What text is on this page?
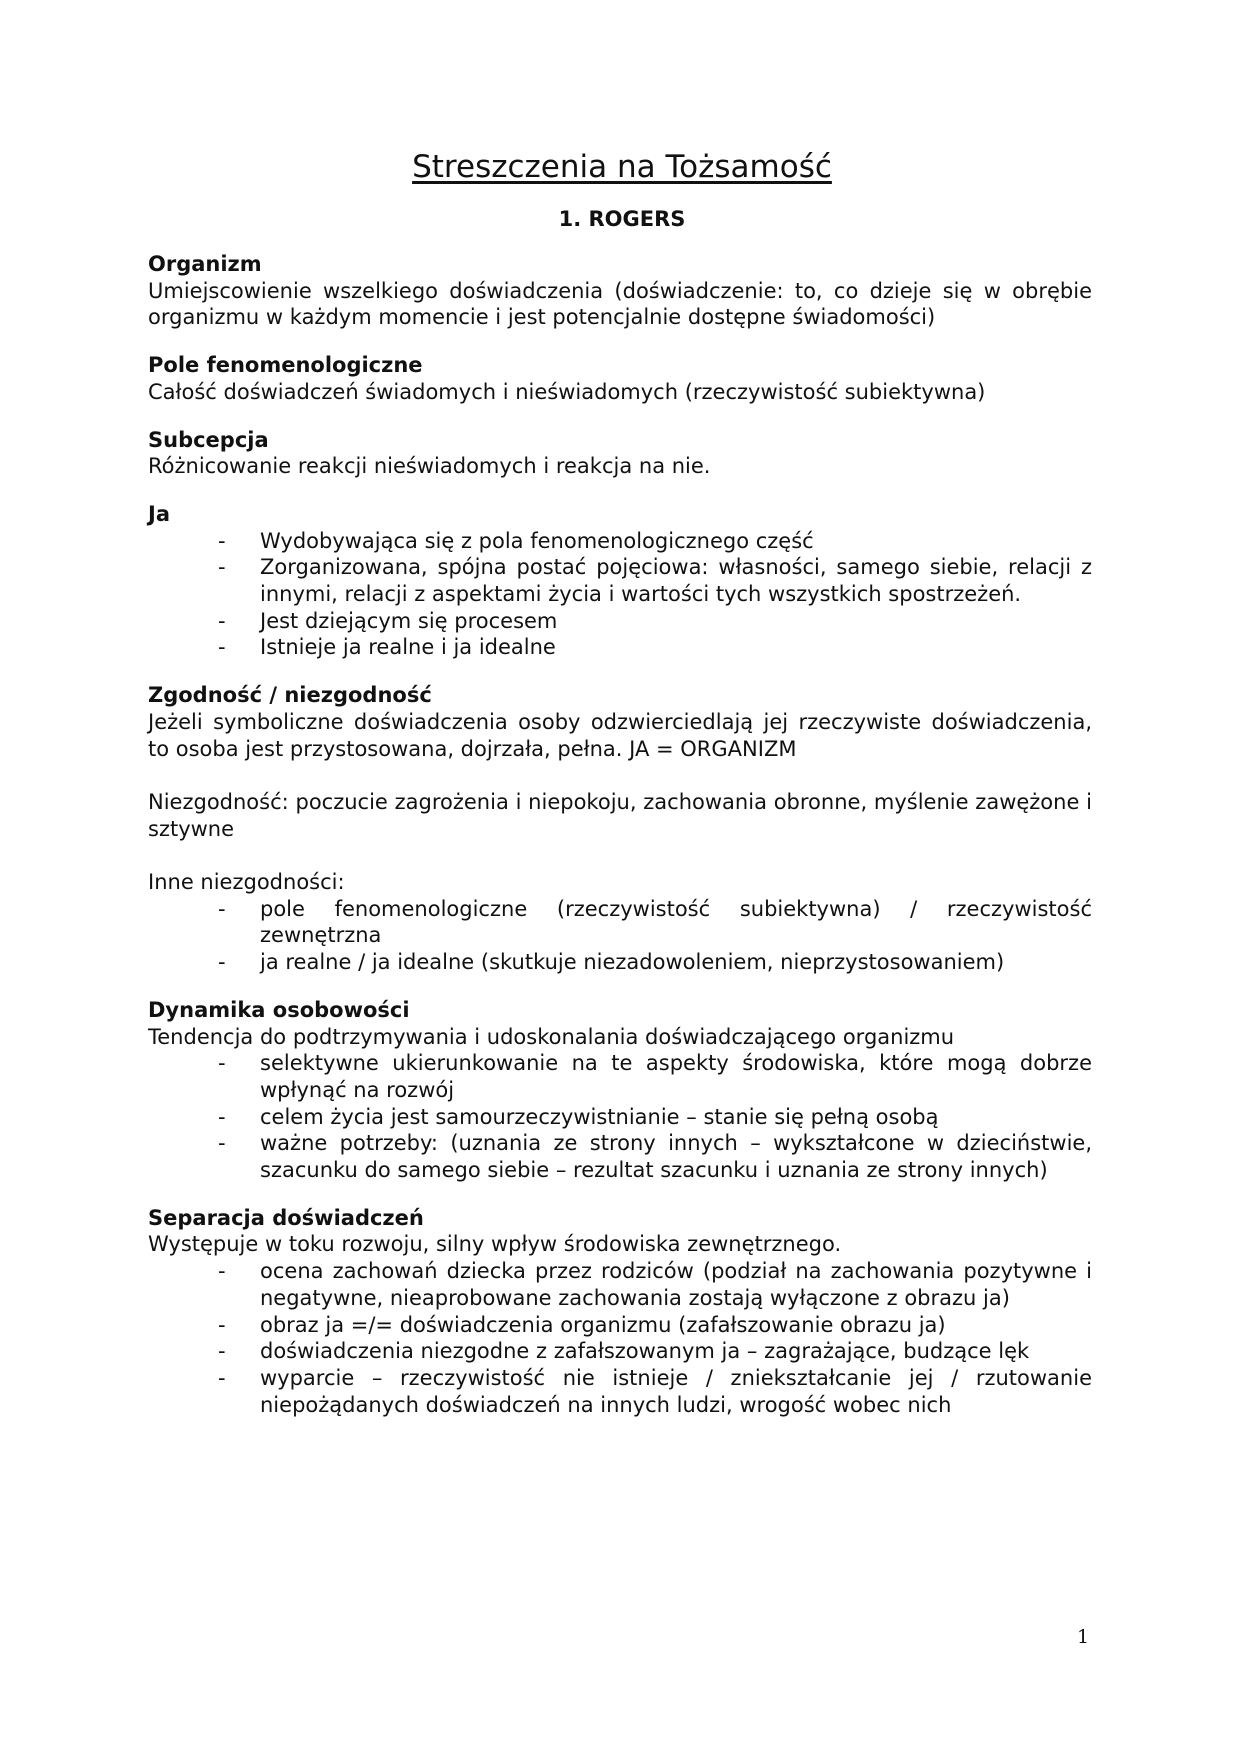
Streszczenia na Tożsamość
1. ROGERS

Organizm

Umiejscowienie wszelkiego doświadczenia (doświadczenie: to, co dzieje się w obrębie organizmu w każdym momencie i jest potencjalnie dostępne świadomości)

Pole fenomenologiczne

Całość doświadczeń świadomych i nieświadomych (rzeczywistość subiektywna)

Subcepcja

Różnicowanie reakcji nieświadomych i reakcja na nie.

Ja

- Wydobywająca się z pola fenomenologicznego część
- Zorganizowana, spójna postać pojęciowa: własności, samego siebie, relacji z innymi, relacji z aspektami życia i wartości tych wszystkich spostrzeżeń.
- Jest dziejącym się procesem
- Istnieje ja realne i ja idealne

Zgodność / niezgodność

Jeżeli symboliczne doświadczenia osoby odzwierciedlają jej rzeczywiste doświadczenia, to osoba jest przystosowana, dojrzała, pełna. JA = ORGANIZM

Niezgodność: poczucie zagrożenia i niepokoju, zachowania obronne, myślenie zawężone i sztywne

Inne niezgodności:

- pole fenomenologiczne (rzeczywistość subiektywna) / rzeczywistość zewnętrzna
- ja realne / ja idealne (skutkuje niezadowoleniem, nieprzystosowaniem)

Dynamika osobowości

Tendencja do podtrzymywania i udoskonalania doświadczającego organizmu

- selektywne ukierunkowanie na te aspekty środowiska, które mogą dobrze wpłynąć na rozwój
- celem życia jest samourzeczywistnianie – stanie się pełną osobą
- ważne potrzeby: (uznania ze strony innych – wykształcone w dzieciństwie, szacunku do samego siebie – rezultat szacunku i uznania ze strony innych)

Separacja doświadczeń

Występuje w toku rozwoju, silny wpływ środowiska zewnętrznego.

- ocena zachowań dziecka przez rodziców (podział na zachowania pozytywne i negatywne, nieaprobowane zachowania zostają wyłączone z obrazu ja)
- obraz ja =/= doświadczenia organizmu (zafałszowanie obrazu ja)
- doświadczenia niezgodne z zafałszowanym ja – zagrażające, budzące lęk
- wyparcie – rzeczywistość nie istnieje / zniekształcanie jej / rzutowanie niepożądanych doświadczeń na innych ludzi, wrogość wobec nich
1
